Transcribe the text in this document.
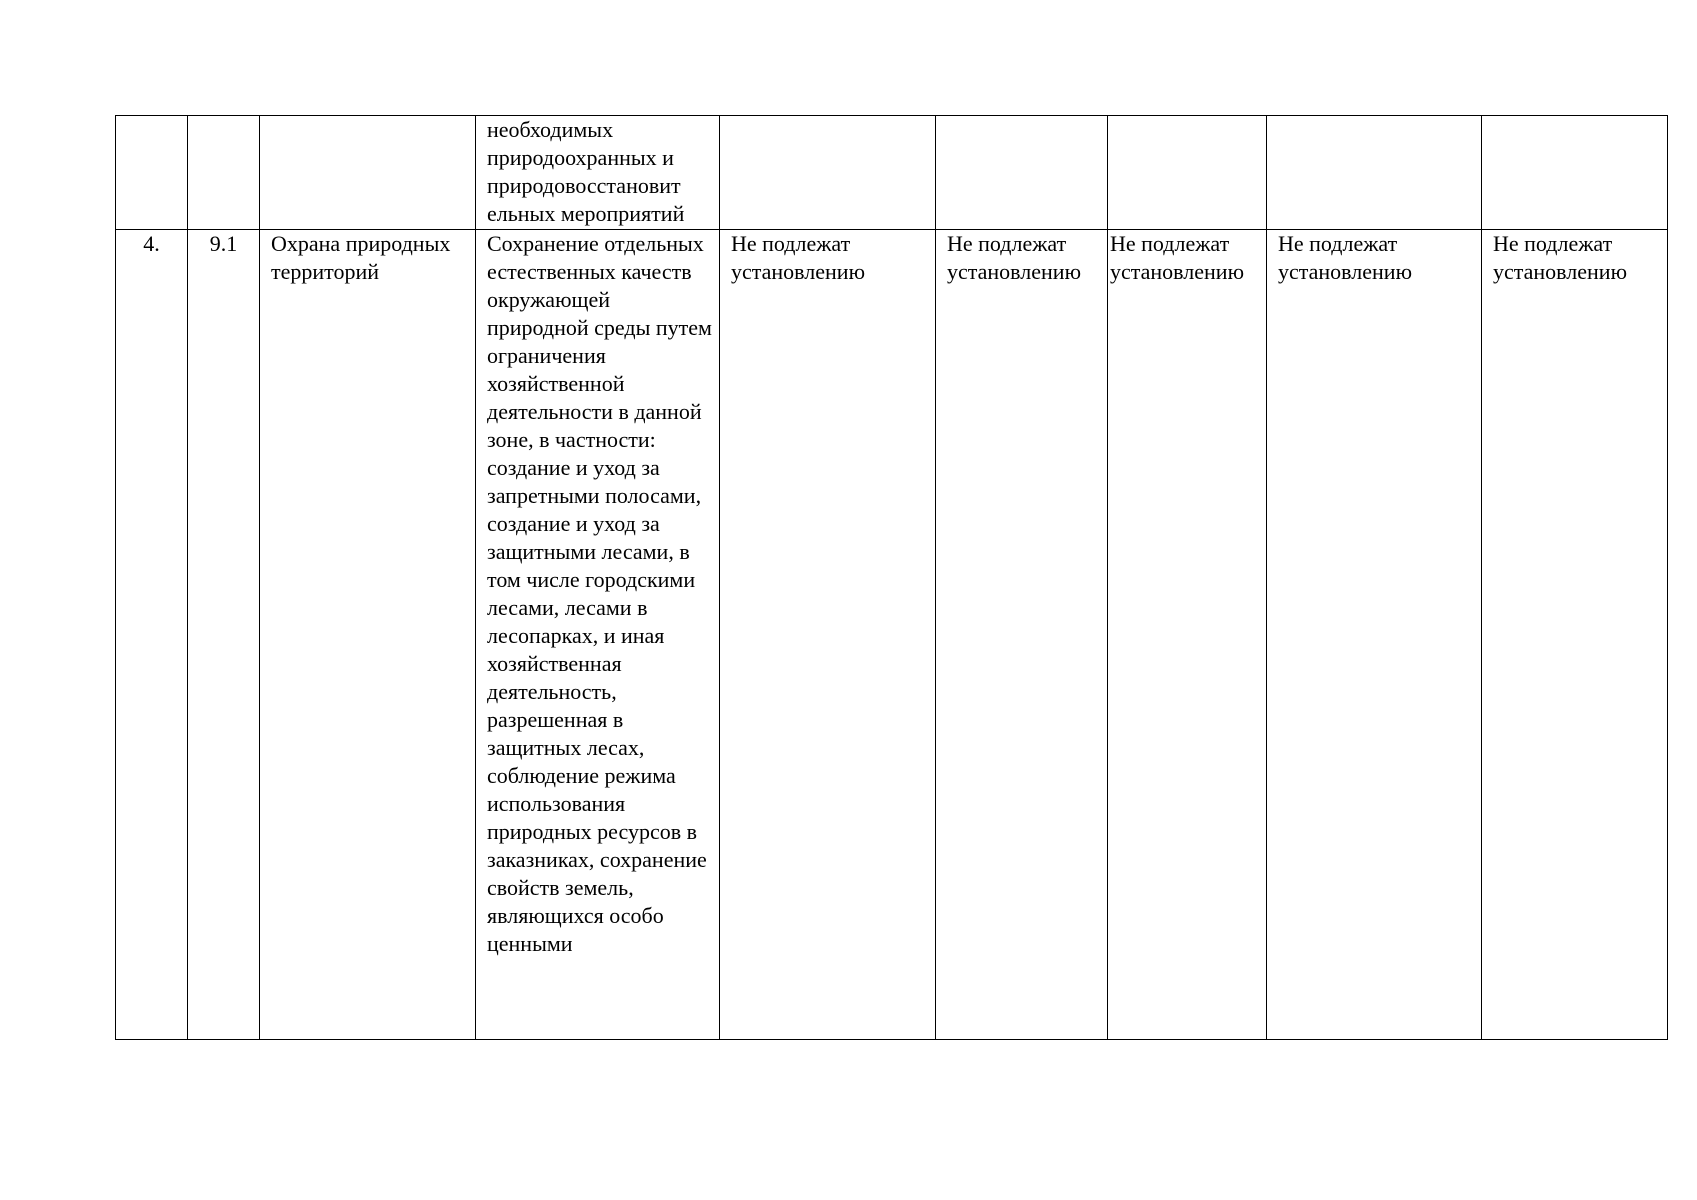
			необходимых природоохранных и природовосстановит ельных мероприятий					

4.	9.1	Охрана природных территорий	Сохранение отдельных естественных качеств окружающей природной среды путем ограничения хозяйственной деятельности в данной зоне, в частности: создание и уход за запретными полосами, создание и уход за защитными лесами, в том числе городскими лесами, лесами в лесопарках, и иная хозяйственная деятельность, разрешенная в защитных лесах, соблюдение режима использования природных ресурсов в заказниках, сохранение свойств земель, являющихся особо ценными	Не подлежат установлению	Не подлежат установлению	Не подлежат установлению	Не подлежат установлению	Не подлежат установлению
